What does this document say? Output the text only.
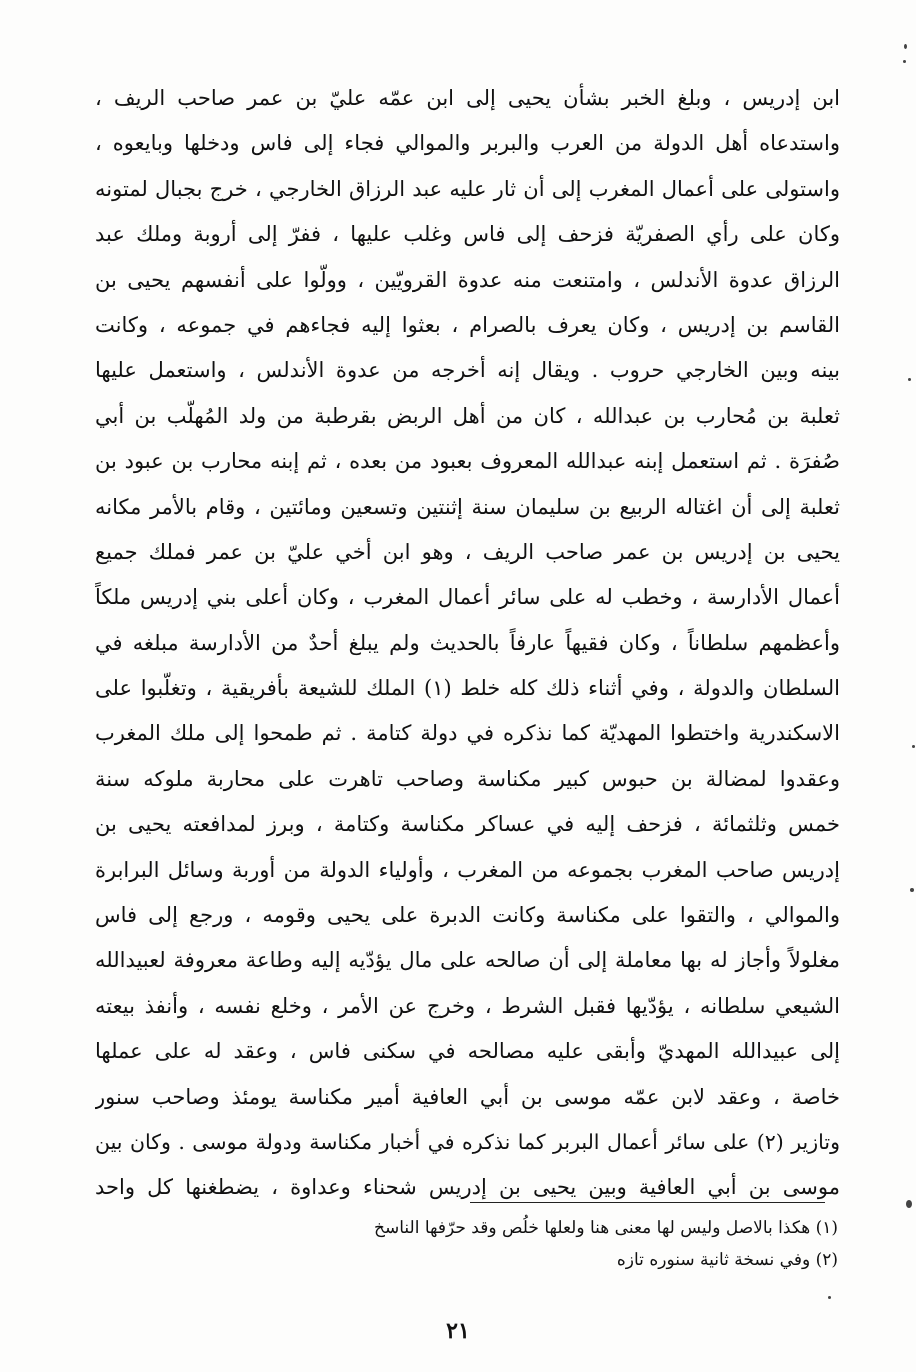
ابن إدريس ، وبلغ الخبر بشأن يحيى إلى ابن عمّه عليّ بن عمر صاحب الريف ،
واستدعاه أهل الدولة من العرب والبربر والموالي فجاء إلى فاس ودخلها وبايعوه ،
واستولى على أعمال المغرب إلى أن ثار عليه عبد الرزاق الخارجي ، خرج بجبال لمتونه
وكان على رأي الصفريّة فزحف إلى فاس وغلب عليها ، ففرّ إلى أروبة وملك عبد
الرزاق عدوة الأندلس ، وامتنعت منه عدوة القرويّين ، وولّوا على أنفسهم يحيى بن
القاسم بن إدريس ، وكان يعرف بالصرام ، بعثوا إليه فجاءهم في جموعه ، وكانت
بينه وبين الخارجي حروب . ويقال إنه أخرجه من عدوة الأندلس ، واستعمل عليها
ثعلبة بن مُحارب بن عبدالله ، كان من أهل الربض بقرطبة من ولد المُهلّب بن أبي
صُفرَة . ثم استعمل إبنه عبدالله المعروف بعبود من بعده ، ثم إبنه محارب بن عبود بن
ثعلبة إلى أن اغتاله الربيع بن سليمان سنة إثنتين وتسعين ومائتين ، وقام بالأمر مكانه
يحيى بن إدريس بن عمر صاحب الريف ، وهو ابن أخي عليّ بن عمر فملك جميع
أعمال الأدارسة ، وخطب له على سائر أعمال المغرب ، وكان أعلى بني إدريس ملكاً
وأعظمهم سلطاناً ، وكان فقيهاً عارفاً بالحديث ولم يبلغ أحدٌ من الأدارسة مبلغه في
السلطان والدولة ، وفي أثناء ذلك كله خلط (١) الملك للشيعة بأفريقية ، وتغلّبوا على
الاسكندرية واختطوا المهديّة كما نذكره في دولة كتامة . ثم طمحوا إلى ملك المغرب
وعقدوا لمضالة بن حبوس كبير مكناسة وصاحب تاهرت على محاربة ملوكه سنة
خمس وثلثمائة ، فزحف إليه في عساكر مكناسة وكتامة ، وبرز لمدافعته يحيى بن
إدريس صاحب المغرب بجموعه من المغرب ، وأولياء الدولة من أوربة وسائل البرابرة
والموالي ، والتقوا على مكناسة وكانت الدبرة على يحيى وقومه ، ورجع إلى فاس
مغلولاً وأجاز له بها معاملة إلى أن صالحه على مال يؤدّيه إليه وطاعة معروفة لعبيدالله
الشيعي سلطانه ، يؤدّيها فقبل الشرط ، وخرج عن الأمر ، وخلع نفسه ، وأنفذ بيعته
إلى عبيدالله المهديّ وأبقى عليه مصالحه في سكنى فاس ، وعقد له على عملها
خاصة ، وعقد لابن عمّه موسى بن أبي العافية أمير مكناسة يومئذ وصاحب سنور
وتازير (٢) على سائر أعمال البربر كما نذكره في أخبار مكناسة ودولة موسى . وكان بين
موسى بن أبي العافية وبين يحيى بن إدريس شحناء وعداوة ، يضطغنها كل واحد
(١) هكذا بالاصل وليس لها معنى هنا ولعلها خلُص وقد حرّفها الناسخ
(٢) وفي نسخة ثانية سنوره تازه
٢١
